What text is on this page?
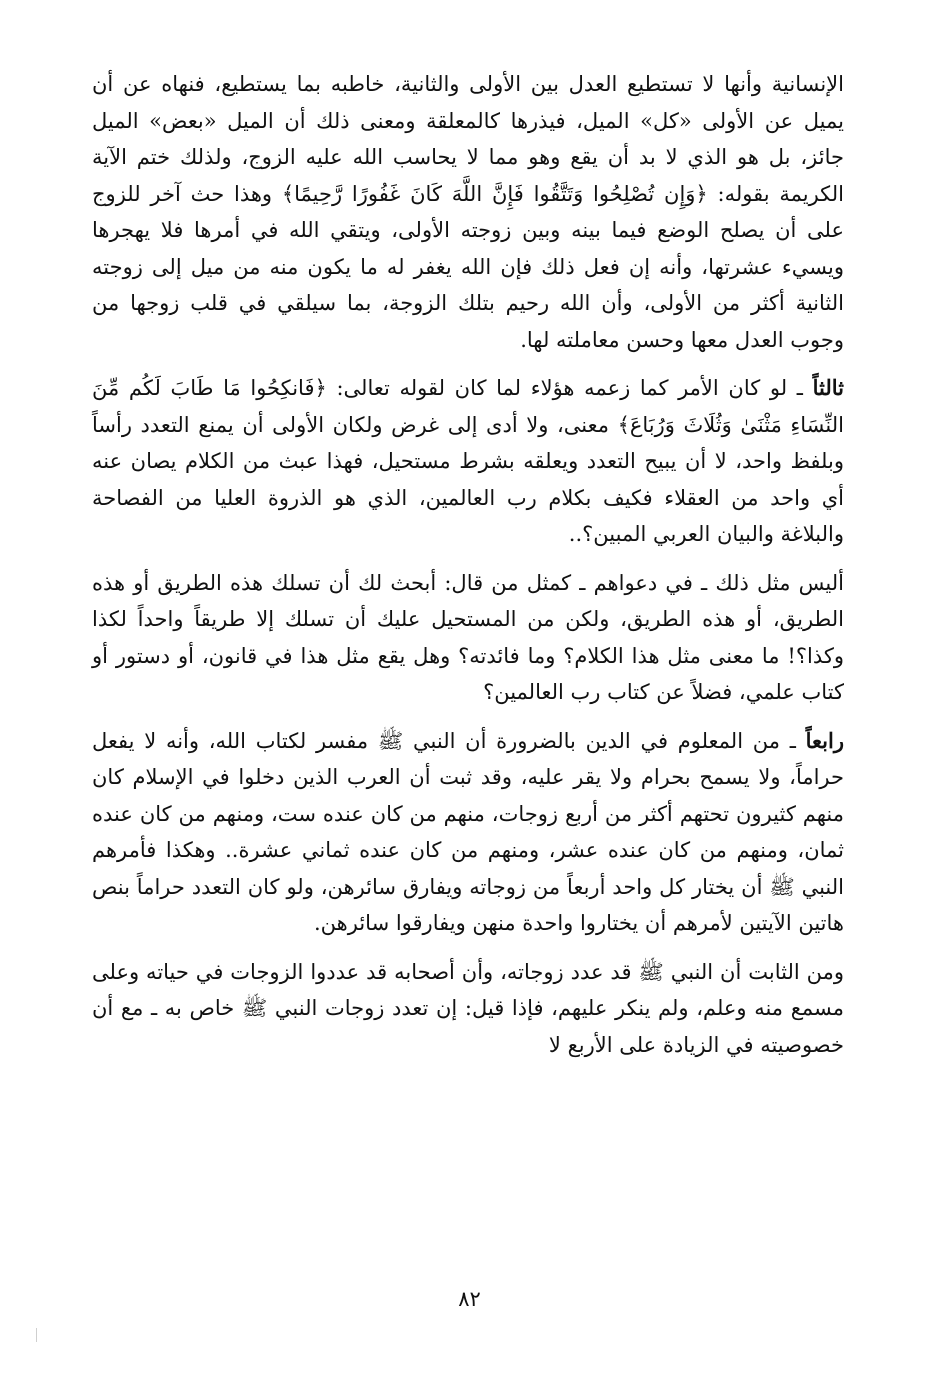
الإنسانية وأنها لا تستطيع العدل بين الأولى والثانية، خاطبه بما يستطيع، فنهاه عن أن يميل عن الأولى «كل» الميل، فيذرها كالمعلقة ومعنى ذلك أن الميل «بعض» الميل جائز، بل هو الذي لا بد أن يقع وهو مما لا يحاسب الله عليه الزوج، ولذلك ختم الآية الكريمة بقوله: ﴿وَإِن تُصْلِحُوا وَتَتَّقُوا فَإِنَّ اللَّهَ كَانَ غَفُورًا رَّحِيمًا﴾ وهذا حث آخر للزوج على أن يصلح الوضع فيما بينه وبين زوجته الأولى، ويتقي الله في أمرها فلا يهجرها ويسيء عشرتها، وأنه إن فعل ذلك فإن الله يغفر له ما يكون منه من ميل إلى زوجته الثانية أكثر من الأولى، وأن الله رحيم بتلك الزوجة، بما سيلقي في قلب زوجها من وجوب العدل معها وحسن معاملته لها.

ثالثاً ـ لو كان الأمر كما زعمه هؤلاء لما كان لقوله تعالى: ﴿فَانكِحُوا مَا طَابَ لَكُم مِّنَ النِّسَاءِ مَثْنَىٰ وَثُلَاثَ وَرُبَاعَ﴾ معنى، ولا أدى إلى غرض ولكان الأولى أن يمنع التعدد رأساً وبلفظ واحد، لا أن يبيح التعدد ويعلقه بشرط مستحيل، فهذا عبث من الكلام يصان عنه أي واحد من العقلاء فكيف بكلام رب العالمين، الذي هو الذروة العليا من الفصاحة والبلاغة والبيان العربي المبين؟..

أليس مثل ذلك ـ في دعواهم ـ كمثل من قال: أبحث لك أن تسلك هذه الطريق أو هذه الطريق، أو هذه الطريق، ولكن من المستحيل عليك أن تسلك إلا طريقاً واحداً لكذا وكذا؟! ما معنى مثل هذا الكلام؟ وما فائدته؟ وهل يقع مثل هذا في قانون، أو دستور أو كتاب علمي، فضلاً عن كتاب رب العالمين؟

رابعاً ـ من المعلوم في الدين بالضرورة أن النبي ﷺ مفسر لكتاب الله، وأنه لا يفعل حراماً، ولا يسمح بحرام ولا يقر عليه، وقد ثبت أن العرب الذين دخلوا في الإسلام كان منهم كثيرون تحتهم أكثر من أربع زوجات، منهم من كان عنده ست، ومنهم من كان عنده ثمان، ومنهم من كان عنده عشر، ومنهم من كان عنده ثماني عشرة.. وهكذا فأمرهم النبي ﷺ أن يختار كل واحد أربعاً من زوجاته ويفارق سائرهن، ولو كان التعدد حراماً بنص هاتين الآيتين لأمرهم أن يختاروا واحدة منهن ويفارقوا سائرهن.

ومن الثابت أن النبي ﷺ قد عدد زوجاته، وأن أصحابه قد عددوا الزوجات في حياته وعلى مسمع منه وعلم، ولم ينكر عليهم، فإذا قيل: إن تعدد زوجات النبي ﷺ خاص به ـ مع أن خصوصيته في الزيادة على الأربع لا

٨٢
